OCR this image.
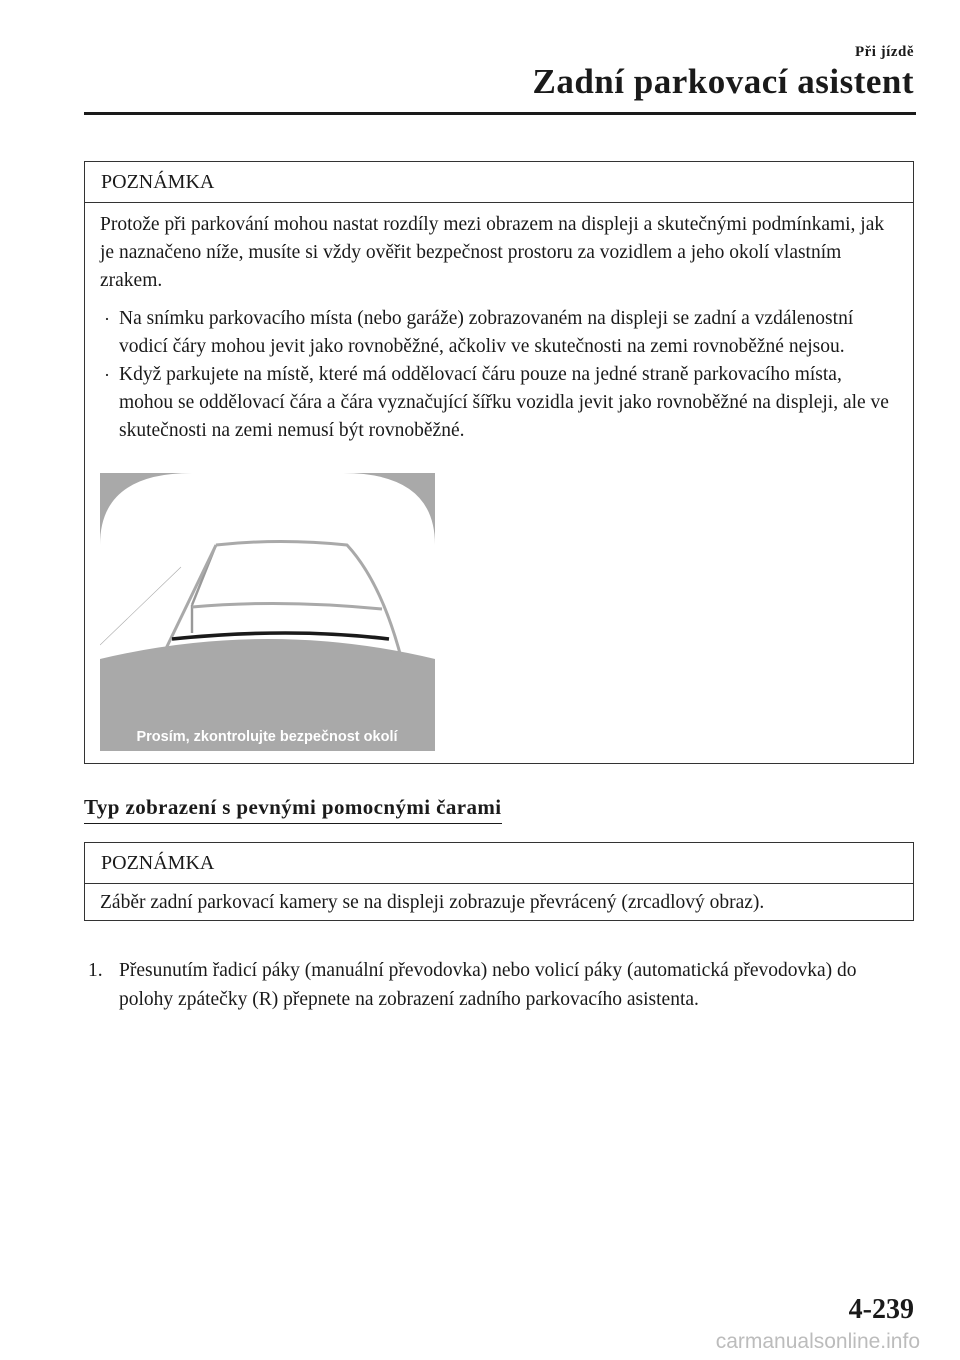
Při jízdě
Zadní parkovací asistent
POZNÁMKA

Protože při parkování mohou nastat rozdíly mezi obrazem na displeji a skutečnými podmínkami, jak je naznačeno níže, musíte si vždy ověřit bezpečnost prostoru za vozidlem a jeho okolí vlastním zrakem.

· Na snímku parkovacího místa (nebo garáže) zobrazovaném na displeji se zadní a vzdálenostní vodicí čáry mohou jevit jako rovnoběžné, ačkoliv ve skutečnosti na zemi rovnoběžné nejsou.
· Když parkujete na místě, které má oddělovací čáru pouze na jedné straně parkovacího místa, mohou se oddělovací čára a čára vyznačující šířku vozidla jevit jako rovnoběžné na displeji, ale ve skutečnosti na zemi nemusí být rovnoběžné.
Prosím, zkontrolujte bezpečnost okolí
Typ zobrazení s pevnými pomocnými čarami
POZNÁMKA

Záběr zadní parkovací kamery se na displeji zobrazuje převrácený (zrcadlový obraz).

1. Přesunutím řadicí páky (manuální převodovka) nebo volicí páky (automatická převodovka) do polohy zpátečky (R) přepnete na zobrazení zadního parkovacího asistenta.
4-239
carmanualsonline.info
